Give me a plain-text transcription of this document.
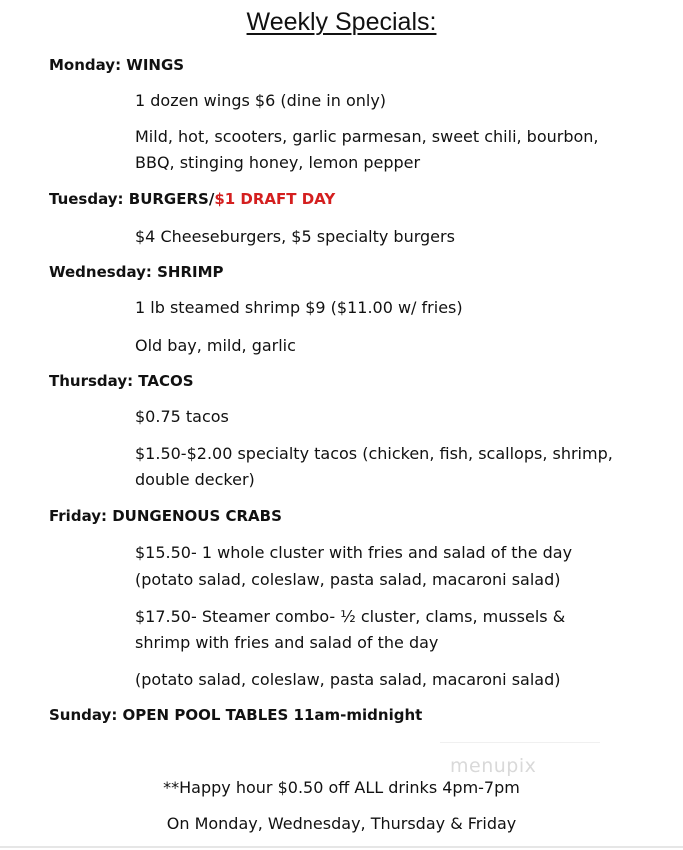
Weekly Specials:
Monday: WINGS
1 dozen wings $6 (dine in only)
Mild, hot, scooters, garlic parmesan, sweet chili, bourbon,
BBQ, stinging honey, lemon pepper
Tuesday: BURGERS/$1 DRAFT DAY
$4 Cheeseburgers, $5 specialty burgers
Wednesday: SHRIMP
1 lb steamed shrimp $9 ($11.00 w/ fries)
Old bay, mild, garlic
Thursday: TACOS
$0.75 tacos
$1.50-$2.00 specialty tacos (chicken, fish, scallops, shrimp,
double decker)
Friday: DUNGENOUS CRABS
$15.50- 1 whole cluster with fries and salad of the day
(potato salad, coleslaw, pasta salad, macaroni salad)
$17.50- Steamer combo- ½ cluster, clams, mussels &
shrimp with fries and salad of the day
(potato salad, coleslaw, pasta salad, macaroni salad)
Sunday: OPEN POOL TABLES 11am-midnight
menupix
**Happy hour $0.50 off ALL drinks 4pm-7pm
On Monday, Wednesday, Thursday & Friday
